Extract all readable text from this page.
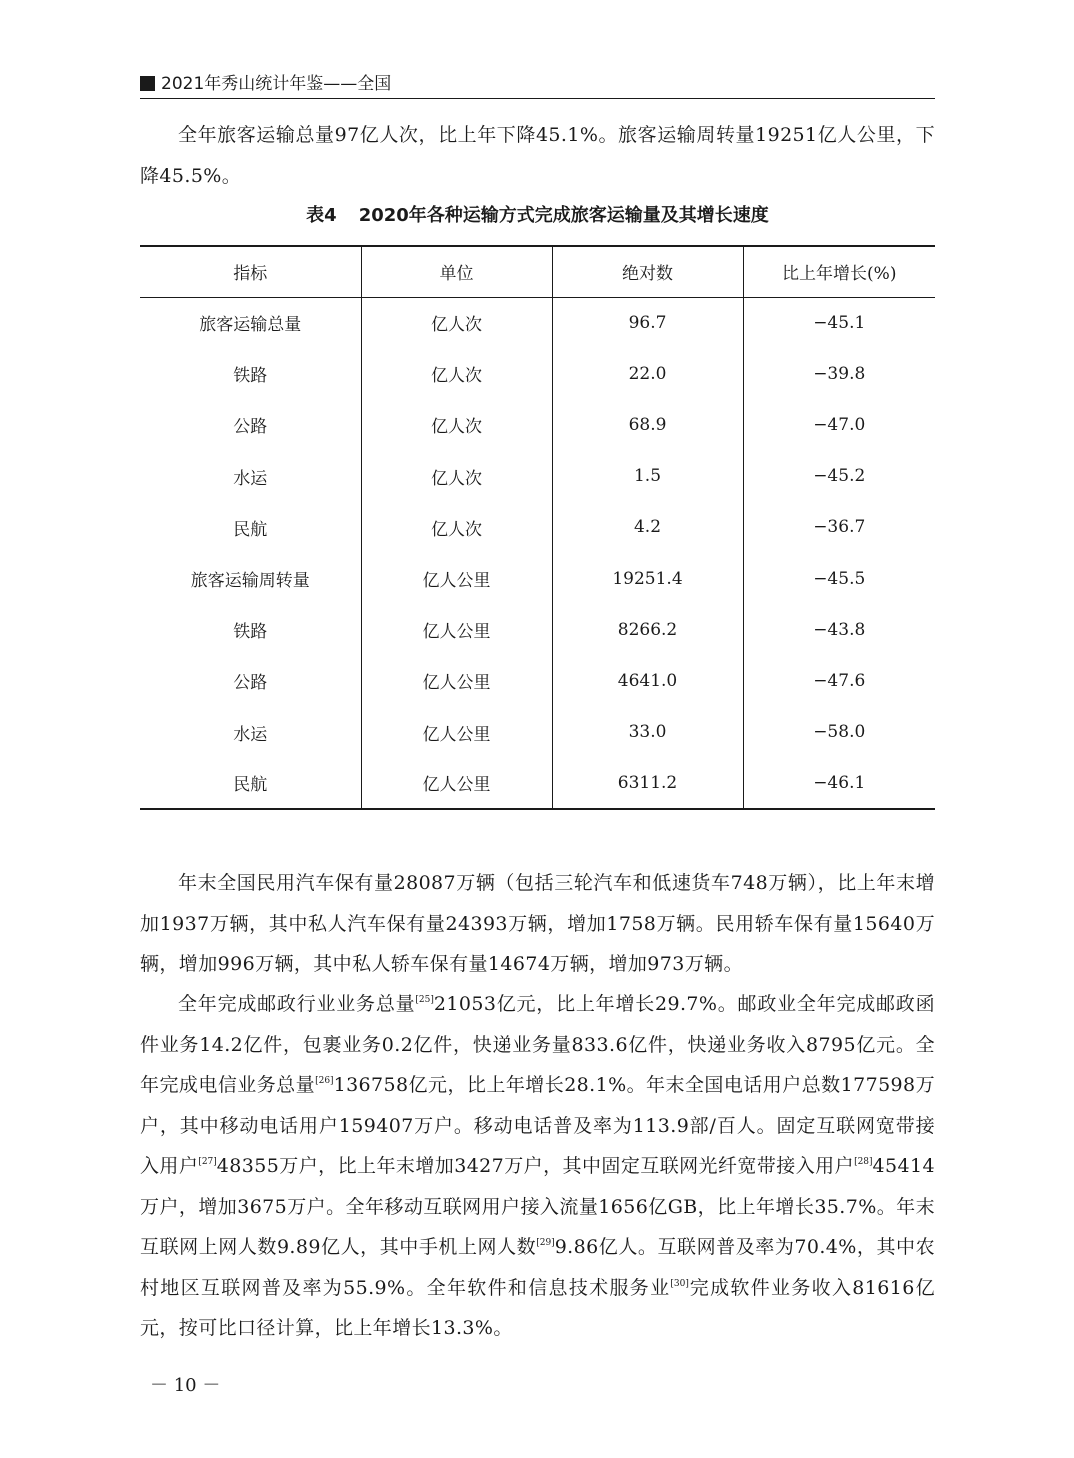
2021年秀山统计年鉴——全国

全年旅客运输总量97亿人次，比上年下降45.1%。旅客运输周转量19251亿人公里，下降45.5%。

表4 2020年各种运输方式完成旅客运输量及其增长速度
指标	单位	绝对数	比上年增长(%)
旅客运输总量	亿人次	96.7	−45.1
铁路	亿人次	22.0	−39.8
公路	亿人次	68.9	−47.0
水运	亿人次	1.5	−45.2
民航	亿人次	4.2	−36.7
旅客运输周转量	亿人公里	19251.4	−45.5
铁路	亿人公里	8266.2	−43.8
公路	亿人公里	4641.0	−47.6
水运	亿人公里	33.0	−58.0
民航	亿人公里	6311.2	−46.1

年末全国民用汽车保有量28087万辆（包括三轮汽车和低速货车748万辆），比上年末增加1937万辆，其中私人汽车保有量24393万辆，增加1758万辆。民用轿车保有量15640万辆，增加996万辆，其中私人轿车保有量14674万辆，增加973万辆。

全年完成邮政行业业务总量[25]21053亿元，比上年增长29.7%。邮政业全年完成邮政函件业务14.2亿件，包裹业务0.2亿件，快递业务量833.6亿件，快递业务收入8795亿元。全年完成电信业务总量[26]136758亿元，比上年增长28.1%。年末全国电话用户总数177598万户，其中移动电话用户159407万户。移动电话普及率为113.9部/百人。固定互联网宽带接入用户[27]48355万户，比上年末增加3427万户，其中固定互联网光纤宽带接入用户[28]45414万户，增加3675万户。全年移动互联网用户接入流量1656亿GB，比上年增长35.7%。年末互联网上网人数9.89亿人，其中手机上网人数[29]9.86亿人。互联网普及率为70.4%，其中农村地区互联网普及率为55.9%。全年软件和信息技术服务业[30]完成软件业务收入81616亿元，按可比口径计算，比上年增长13.3%。

－ 10 －
